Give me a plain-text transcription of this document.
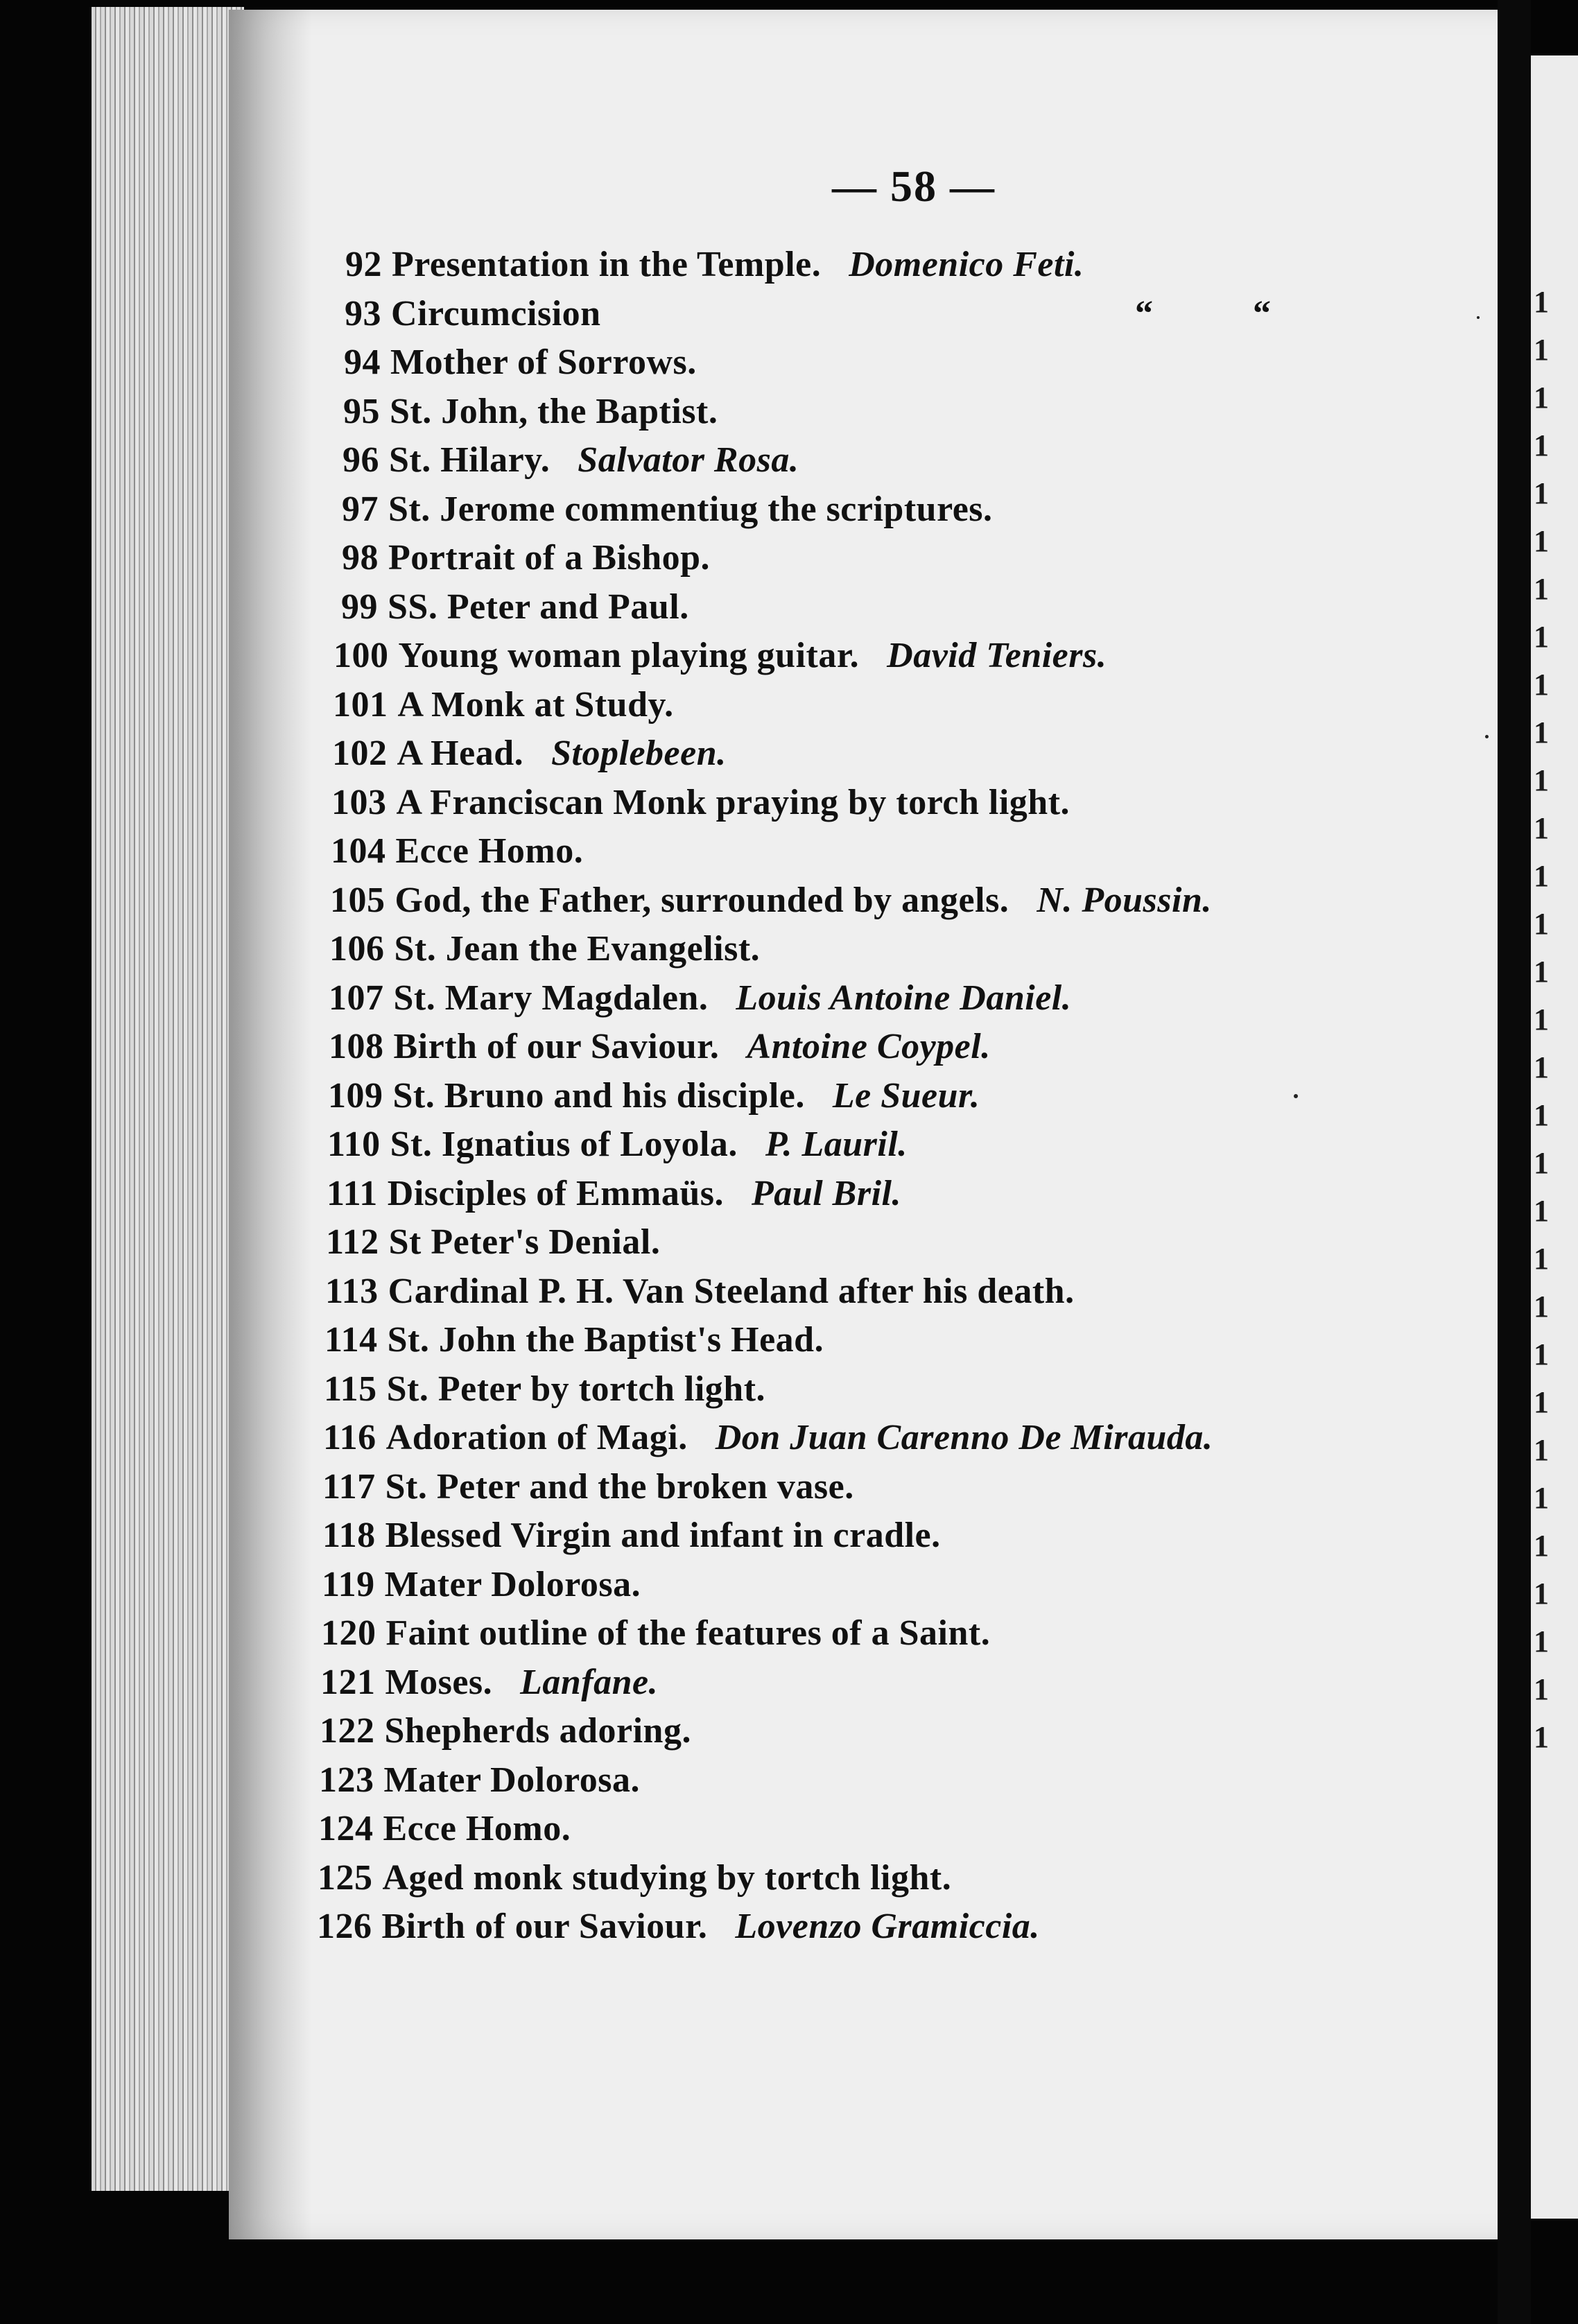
— 58 —
92 Presentation in the Temple. Domenico Feti.
93 Circumcision	“	“
94 Mother of Sorrows.
95 St. John, the Baptist.
96 St. Hilary. Salvator Rosa.
97 St. Jerome commentiug the scriptures.
98 Portrait of a Bishop.
99 SS. Peter and Paul.
100 Young woman playing guitar. David Teniers.
101 A Monk at Study.
102 A Head. Stoplebeen.
103 A Franciscan Monk praying by torch light.
104 Ecce Homo.
105 God, the Father, surrounded by angels. N. Poussin.
106 St. Jean the Evangelist.
107 St. Mary Magdalen. Louis Antoine Daniel.
108 Birth of our Saviour. Antoine Coypel.
109 St. Bruno and his disciple. Le Sueur.
110 St. Ignatius of Loyola. P. Lauril.
111 Disciples of Emmaüs. Paul Bril.
112 St Peter's Denial.
113 Cardinal P. H. Van Steeland after his death.
114 St. John the Baptist's Head.
115 St. Peter by tortch light.
116 Adoration of Magi. Don Juan Carenno De Mirauda.
117 St. Peter and the broken vase.
118 Blessed Virgin and infant in cradle.
119 Mater Dolorosa.
120 Faint outline of the features of a Saint.
121 Moses. Lanfane.
122 Shepherds adoring.
123 Mater Dolorosa.
124 Ecce Homo.
125 Aged monk studying by tortch light.
126 Birth of our Saviour. Lovenzo Gramiccia.
1
1
1
1
1
1
1
1
1
1
1
1
1
1
1
1
1
1
1
1
1
1
1
1
1
1
1
1
1
1
1
